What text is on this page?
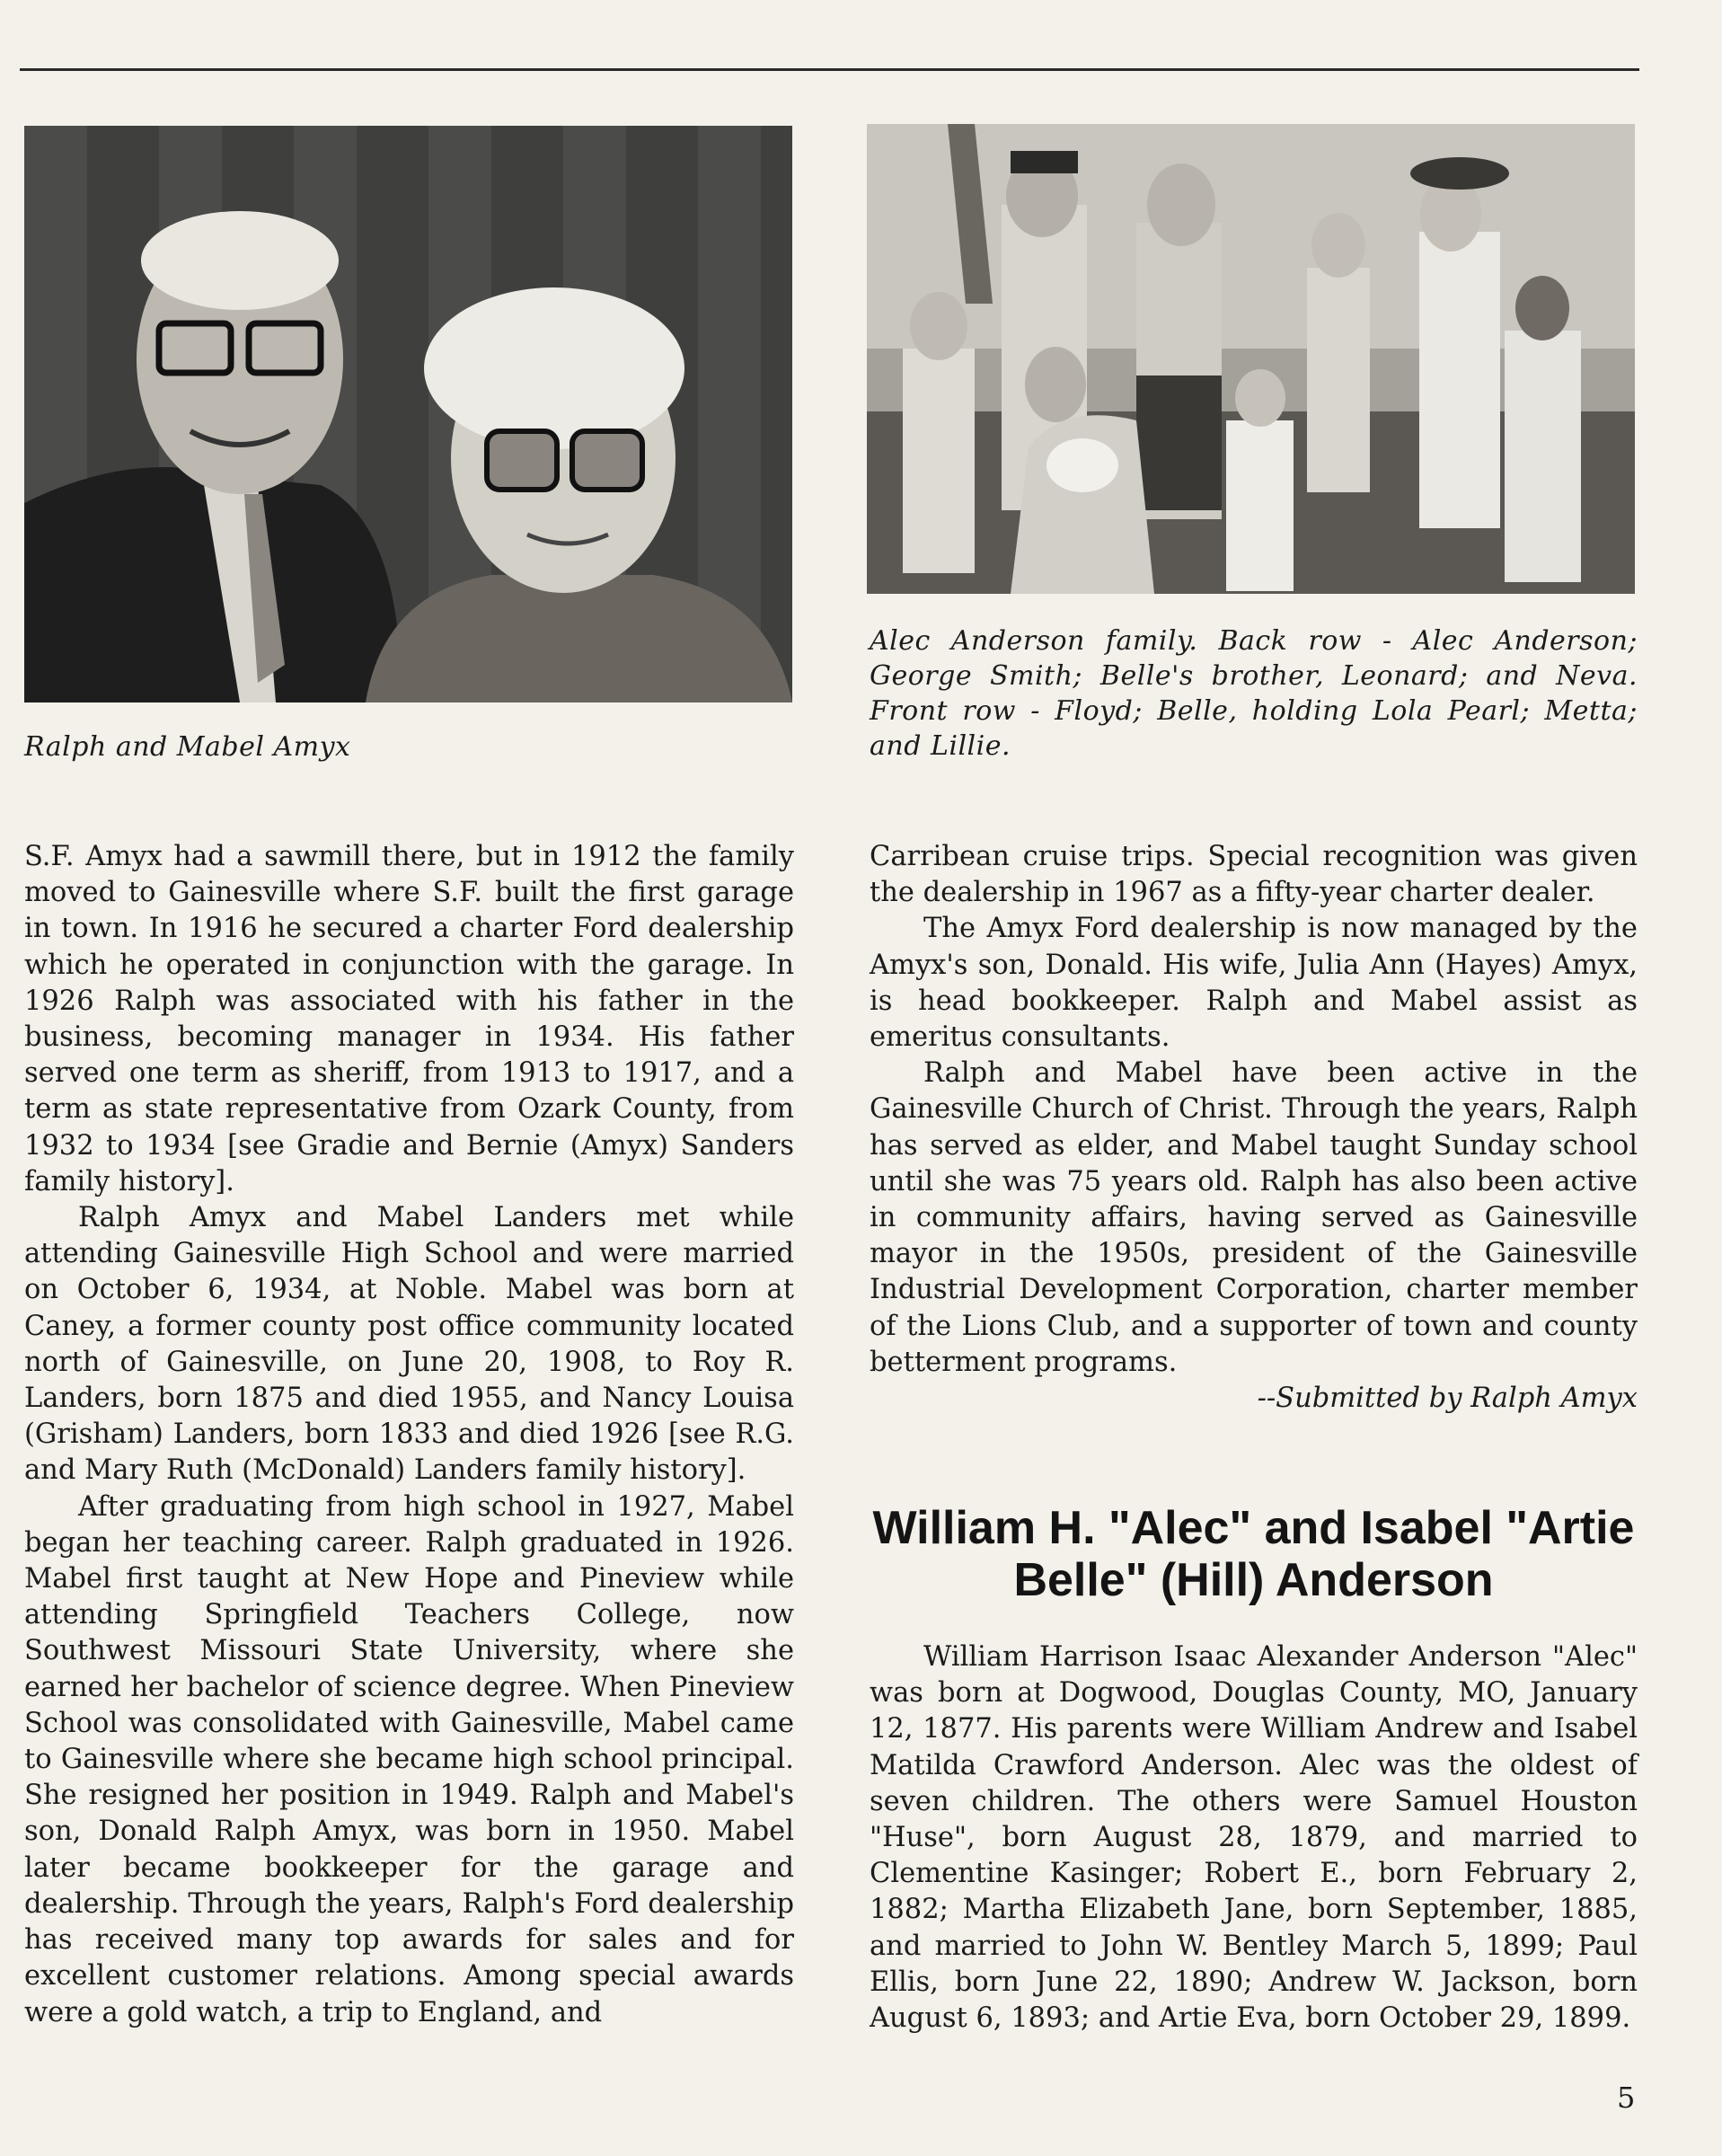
Ralph and Mabel Amyx

Alec Anderson family. Back row - Alec Anderson; George Smith; Belle's brother, Leonard; and Neva. Front row - Floyd; Belle, holding Lola Pearl; Metta; and Lillie.

S.F. Amyx had a sawmill there, but in 1912 the family moved to Gainesville where S.F. built the first garage in town. In 1916 he secured a charter Ford dealership which he operated in conjunction with the garage. In 1926 Ralph was associated with his father in the business, becoming manager in 1934. His father served one term as sheriff, from 1913 to 1917, and a term as state representative from Ozark County, from 1932 to 1934 [see Gradie and Bernie (Amyx) Sanders family history].

Ralph Amyx and Mabel Landers met while attending Gainesville High School and were married on October 6, 1934, at Noble. Mabel was born at Caney, a former county post office community located north of Gainesville, on June 20, 1908, to Roy R. Landers, born 1875 and died 1955, and Nancy Louisa (Grisham) Landers, born 1833 and died 1926 [see R.G. and Mary Ruth (McDonald) Landers family history].

After graduating from high school in 1927, Mabel began her teaching career. Ralph graduated in 1926. Mabel first taught at New Hope and Pineview while attending Springfield Teachers College, now Southwest Missouri State University, where she earned her bachelor of science degree. When Pineview School was consolidated with Gainesville, Mabel came to Gainesville where she became high school principal. She resigned her position in 1949. Ralph and Mabel's son, Donald Ralph Amyx, was born in 1950. Mabel later became bookkeeper for the garage and dealership. Through the years, Ralph's Ford dealership has received many top awards for sales and for excellent customer relations. Among special awards were a gold watch, a trip to England, and

Carribean cruise trips. Special recognition was given the dealership in 1967 as a fifty-year charter dealer.

The Amyx Ford dealership is now managed by the Amyx's son, Donald. His wife, Julia Ann (Hayes) Amyx, is head bookkeeper. Ralph and Mabel assist as emeritus consultants.

Ralph and Mabel have been active in the Gainesville Church of Christ. Through the years, Ralph has served as elder, and Mabel taught Sunday school until she was 75 years old. Ralph has also been active in community affairs, having served as Gainesville mayor in the 1950s, president of the Gainesville Industrial Development Corporation, charter member of the Lions Club, and a supporter of town and county betterment programs.

--Submitted by Ralph Amyx

William H. "Alec" and Isabel "Artie Belle" (Hill) Anderson

William Harrison Isaac Alexander Anderson "Alec" was born at Dogwood, Douglas County, MO, January 12, 1877. His parents were William Andrew and Isabel Matilda Crawford Anderson. Alec was the oldest of seven children. The others were Samuel Houston "Huse", born August 28, 1879, and married to Clementine Kasinger; Robert E., born February 2, 1882; Martha Elizabeth Jane, born September, 1885, and married to John W. Bentley March 5, 1899; Paul Ellis, born June 22, 1890; Andrew W. Jackson, born August 6, 1893; and Artie Eva, born October 29, 1899.

5
